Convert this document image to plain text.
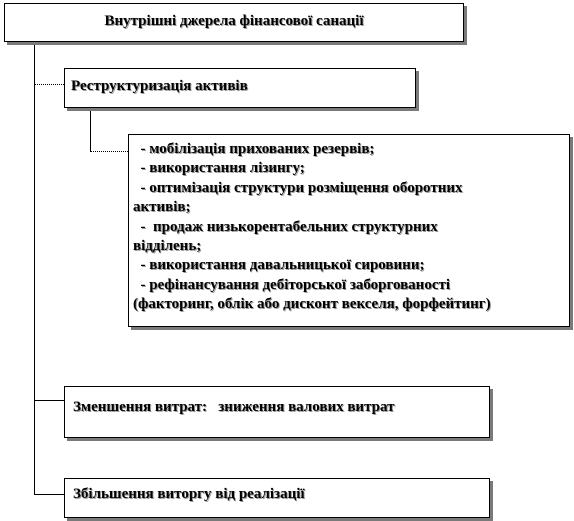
Внутрішні джерела фінансової санації
Реструктуризація активів
- мобілізація прихованих резервів;
- використання лізингу;
- оптимізація структури розміщення оборотних
активів;
-  продаж низькорентабельних структурних
відділень;
- використання давальницької сировини;
- рефінансування дебіторської заборгованості
(факторинг, облік або дисконт векселя, форфейтинг)
Зменшення витрат:   зниження валових витрат
Збільшення виторгу від реалізації
